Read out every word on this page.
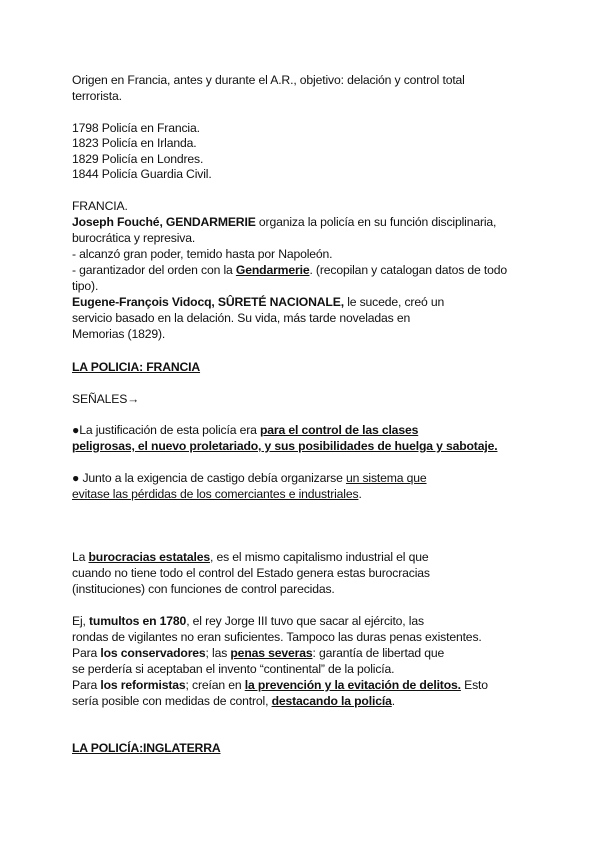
Origen en Francia, antes y durante el A.R., objetivo: delación y control total
terrorista.
1798 Policía en Francia.
1823 Policía en Irlanda.
1829 Policía en Londres.
1844 Policía Guardia Civil.
FRANCIA.
Joseph Fouché, GENDARMERIE organiza la policía en su función disciplinaria,
burocrática y represiva.
- alcanzó gran poder, temido hasta por Napoleón.
- garantizador del orden con la Gendarmerie. (recopilan y catalogan datos de todo
tipo).
Eugene-François Vidocq, SÛRETÉ NACIONALE, le sucede, creó un
servicio basado en la delación. Su vida, más tarde noveladas en
Memorias (1829).
LA POLICIA: FRANCIA
SEÑALES→
●La justificación de esta policía era para el control de las clases
peligrosas, el nuevo proletariado, y sus posibilidades de huelga y sabotaje.
● Junto a la exigencia de castigo debía organizarse un sistema que
evitase las pérdidas de los comerciantes e industriales.
La burocracias estatales, es el mismo capitalismo industrial el que
cuando no tiene todo el control del Estado genera estas burocracias
(instituciones) con funciones de control parecidas.
Ej, tumultos en 1780, el rey Jorge III tuvo que sacar al ejército, las
rondas de vigilantes no eran suficientes. Tampoco las duras penas existentes.
Para los conservadores; las penas severas: garantía de libertad que
se perdería si aceptaban el invento “continental” de la policía.
Para los reformistas; creían en la prevención y la evitación de delitos. Esto
sería posible con medidas de control, destacando la policía.
LA POLICÍA:INGLATERRA
